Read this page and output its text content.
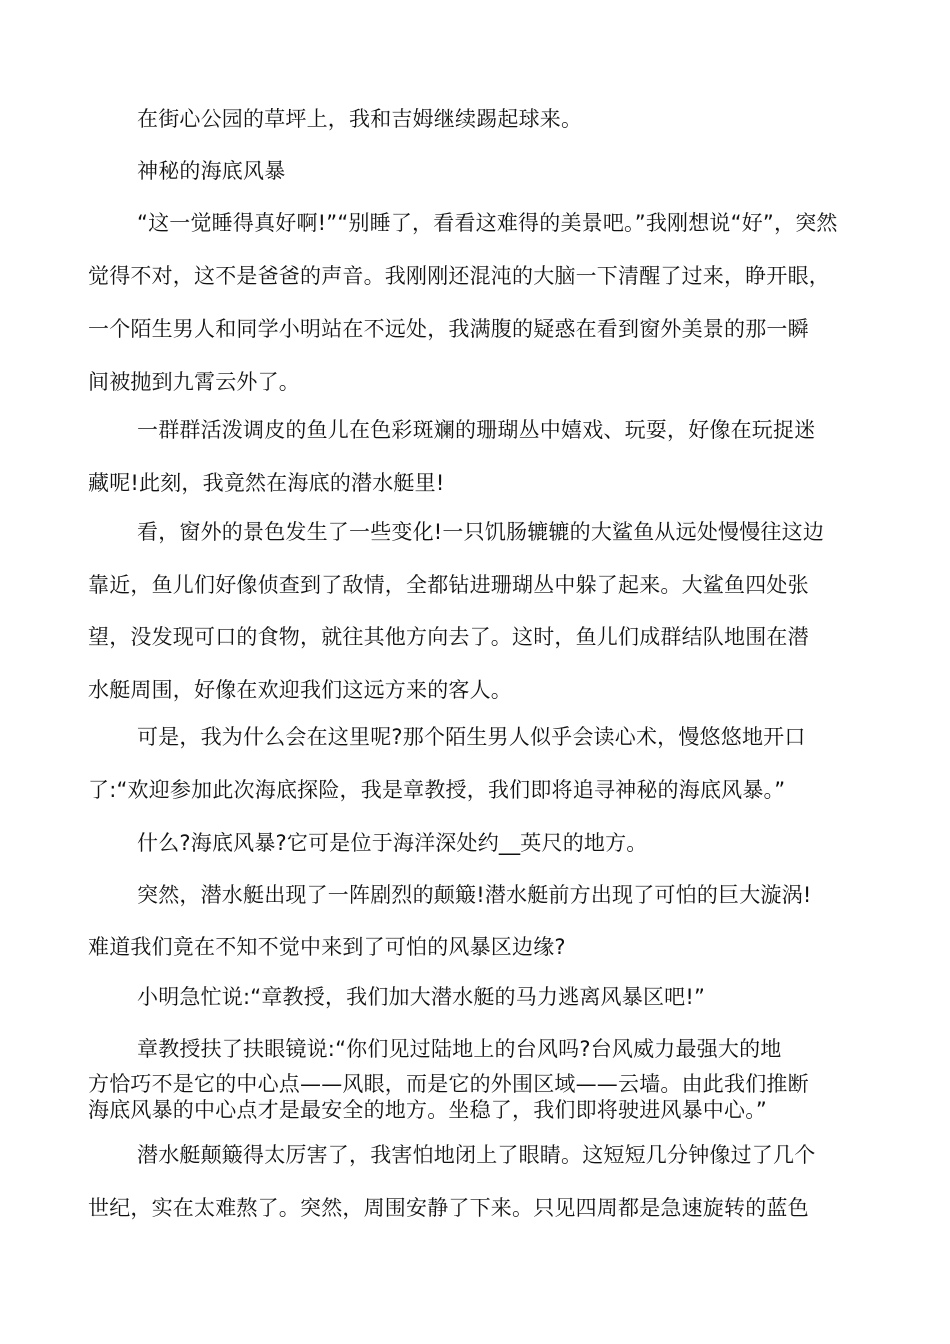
在街心公园的草坪上，我和吉姆继续踢起球来。

神秘的海底风暴

“这一觉睡得真好啊!”“别睡了，看看这难得的美景吧。”我刚想说“好”，突然

觉得不对，这不是爸爸的声音。我刚刚还混沌的大脑一下清醒了过来，睁开眼，

一个陌生男人和同学小明站在不远处，我满腹的疑惑在看到窗外美景的那一瞬

间被抛到九霄云外了。

一群群活泼调皮的鱼儿在色彩斑斓的珊瑚丛中嬉戏、玩耍，好像在玩捉迷

藏呢!此刻，我竟然在海底的潜水艇里!

看，窗外的景色发生了一些变化!一只饥肠辘辘的大鲨鱼从远处慢慢往这边

靠近，鱼儿们好像侦查到了敌情，全都钻进珊瑚丛中躲了起来。大鲨鱼四处张

望，没发现可口的食物，就往其他方向去了。这时，鱼儿们成群结队地围在潜

水艇周围，好像在欢迎我们这远方来的客人。

可是，我为什么会在这里呢?那个陌生男人似乎会读心术，慢悠悠地开口

了:“欢迎参加此次海底探险，我是章教授，我们即将追寻神秘的海底风暴。”

什么?海底风暴?它可是位于海洋深处约__英尺的地方。

突然，潜水艇出现了一阵剧烈的颠簸!潜水艇前方出现了可怕的巨大漩涡!

难道我们竟在不知不觉中来到了可怕的风暴区边缘?

小明急忙说:“章教授，我们加大潜水艇的马力逃离风暴区吧!”

章教授扶了扶眼镜说:“你们见过陆地上的台风吗?台风威力最强大的地

方恰巧不是它的中心点——风眼，而是它的外围区域——云墙。由此我们推断

海底风暴的中心点才是最安全的地方。坐稳了，我们即将驶进风暴中心。”

潜水艇颠簸得太厉害了，我害怕地闭上了眼睛。这短短几分钟像过了几个

世纪，实在太难熬了。突然，周围安静了下来。只见四周都是急速旋转的蓝色
